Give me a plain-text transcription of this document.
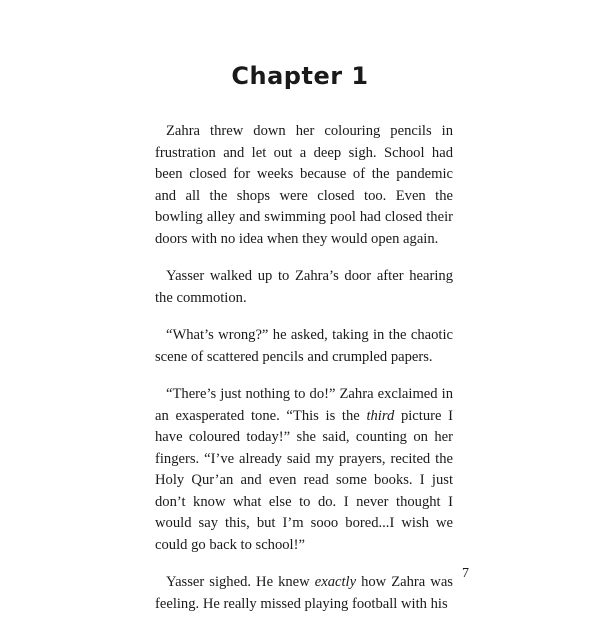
Chapter 1

Zahra threw down her colouring pencils in frustration and let out a deep sigh. School had been closed for weeks because of the pandemic and all the shops were closed too. Even the bowling alley and swimming pool had closed their doors with no idea when they would open again.

Yasser walked up to Zahra’s door after hearing the commotion.

“What’s wrong?” he asked, taking in the chaotic scene of scattered pencils and crumpled papers.

“There’s just nothing to do!” Zahra exclaimed in an exasperated tone. “This is the third picture I have coloured today!” she said, counting on her fingers. “I’ve already said my prayers, recited the Holy Qur’an and even read some books. I just don’t know what else to do. I never thought I would say this, but I’m sooo bored...I wish we could go back to school!”

Yasser sighed. He knew exactly how Zahra was feeling. He really missed playing football with his

7
